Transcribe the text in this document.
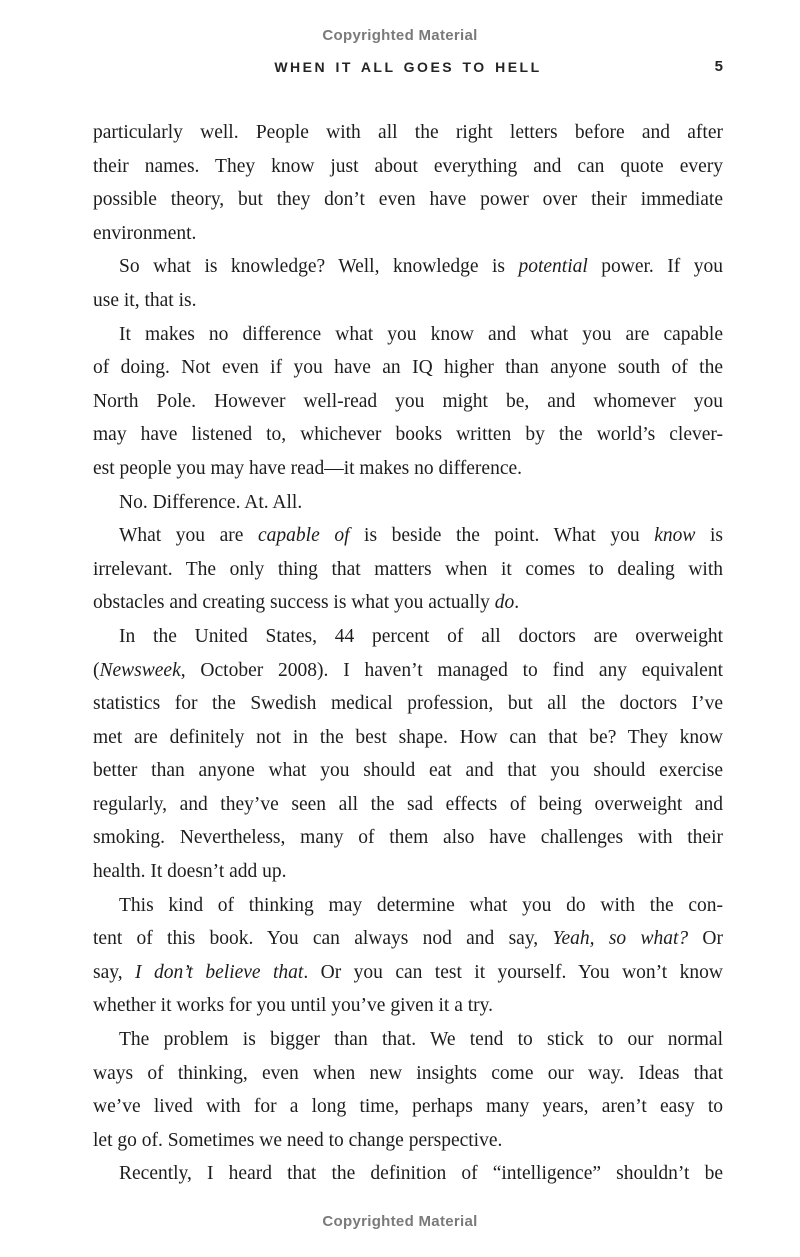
Copyrighted Material
WHEN IT ALL GOES TO HELL	5
particularly well. People with all the right letters before and after
their names. They know just about everything and can quote every
possible theory, but they don’t even have power over their immediate
environment.
So what is knowledge? Well, knowledge is potential power. If you
use it, that is.
It makes no difference what you know and what you are capable
of doing. Not even if you have an IQ higher than anyone south of the
North Pole. However well-read you might be, and whomever you
may have listened to, whichever books written by the world’s clever-
est people you may have read—it makes no difference.
No. Difference. At. All.
What you are capable of is beside the point. What you know is
irrelevant. The only thing that matters when it comes to dealing with
obstacles and creating success is what you actually do.
In the United States, 44 percent of all doctors are overweight
(Newsweek, October 2008). I haven’t managed to find any equivalent
statistics for the Swedish medical profession, but all the doctors I’ve
met are definitely not in the best shape. How can that be? They know
better than anyone what you should eat and that you should exercise
regularly, and they’ve seen all the sad effects of being overweight and
smoking. Nevertheless, many of them also have challenges with their
health. It doesn’t add up.
This kind of thinking may determine what you do with the con-
tent of this book. You can always nod and say, Yeah, so what? Or
say, I don’t believe that. Or you can test it yourself. You won’t know
whether it works for you until you’ve given it a try.
The problem is bigger than that. We tend to stick to our normal
ways of thinking, even when new insights come our way. Ideas that
we’ve lived with for a long time, perhaps many years, aren’t easy to
let go of. Sometimes we need to change perspective.
Recently, I heard that the definition of “intelligence” shouldn’t be
Copyrighted Material
